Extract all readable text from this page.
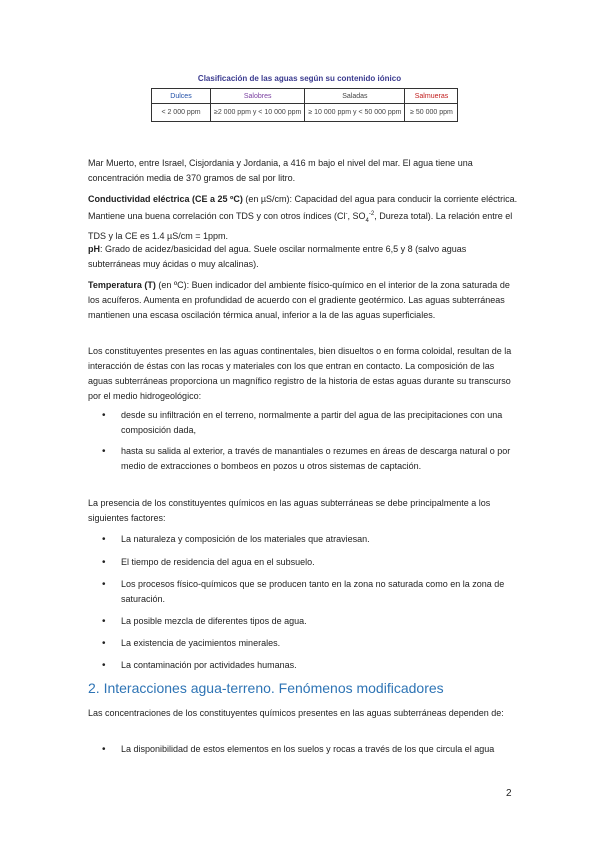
Clasificación de las aguas según su contenido iónico
Dulces	Salobres	Saladas	Salmueras
< 2 000 ppm	≥2 000 ppm y < 10 000 ppm	≥ 10 000 ppm y < 50 000 ppm	≥ 50 000 ppm

Mar Muerto, entre Israel, Cisjordania y Jordania, a 416 m bajo el nivel del mar. El agua tiene una concentración media de 370 gramos de sal por litro.

Conductividad eléctrica (CE a 25 ºC) (en µS/cm): Capacidad del agua para conducir la corriente eléctrica. Mantiene una buena correlación con TDS y con otros índices (Cl-, $SO_4^{-2}$, Dureza total). La relación entre el TDS y la CE es 1.4 µS/cm = 1ppm.

pH: Grado de acidez/basicidad del agua. Suele oscilar normalmente entre 6,5 y 8 (salvo aguas subterráneas muy ácidas o muy alcalinas).

Temperatura (T) (en ºC): Buen indicador del ambiente físico-químico en el interior de la zona saturada de los acuíferos. Aumenta en profundidad de acuerdo con el gradiente geotérmico. Las aguas subterráneas mantienen una escasa oscilación térmica anual, inferior a la de las aguas superficiales.

Los constituyentes presentes en las aguas continentales, bien disueltos o en forma coloidal, resultan de la interacción de éstas con las rocas y materiales con los que entran en contacto. La composición de las aguas subterráneas proporciona un magnífico registro de la historia de estas aguas durante su transcurso por el medio hidrogeológico:

• desde su infiltración en el terreno, normalmente a partir del agua de las precipitaciones con una composición dada,

• hasta su salida al exterior, a través de manantiales o rezumes en áreas de descarga natural o por medio de extracciones o bombeos en pozos u otros sistemas de captación.

La presencia de los constituyentes químicos en las aguas subterráneas se debe principalmente a los siguientes factores:

• La naturaleza y composición de los materiales que atraviesan.

• El tiempo de residencia del agua en el subsuelo.

• Los procesos físico-químicos que se producen tanto en la zona no saturada como en la zona de saturación.

• La posible mezcla de diferentes tipos de agua.

• La existencia de yacimientos minerales.

• La contaminación por actividades humanas.

2. Interacciones agua-terreno. Fenómenos modificadores

Las concentraciones de los constituyentes químicos presentes en las aguas subterráneas dependen de:

• La disponibilidad de estos elementos en los suelos y rocas a través de los que circula el agua

2
